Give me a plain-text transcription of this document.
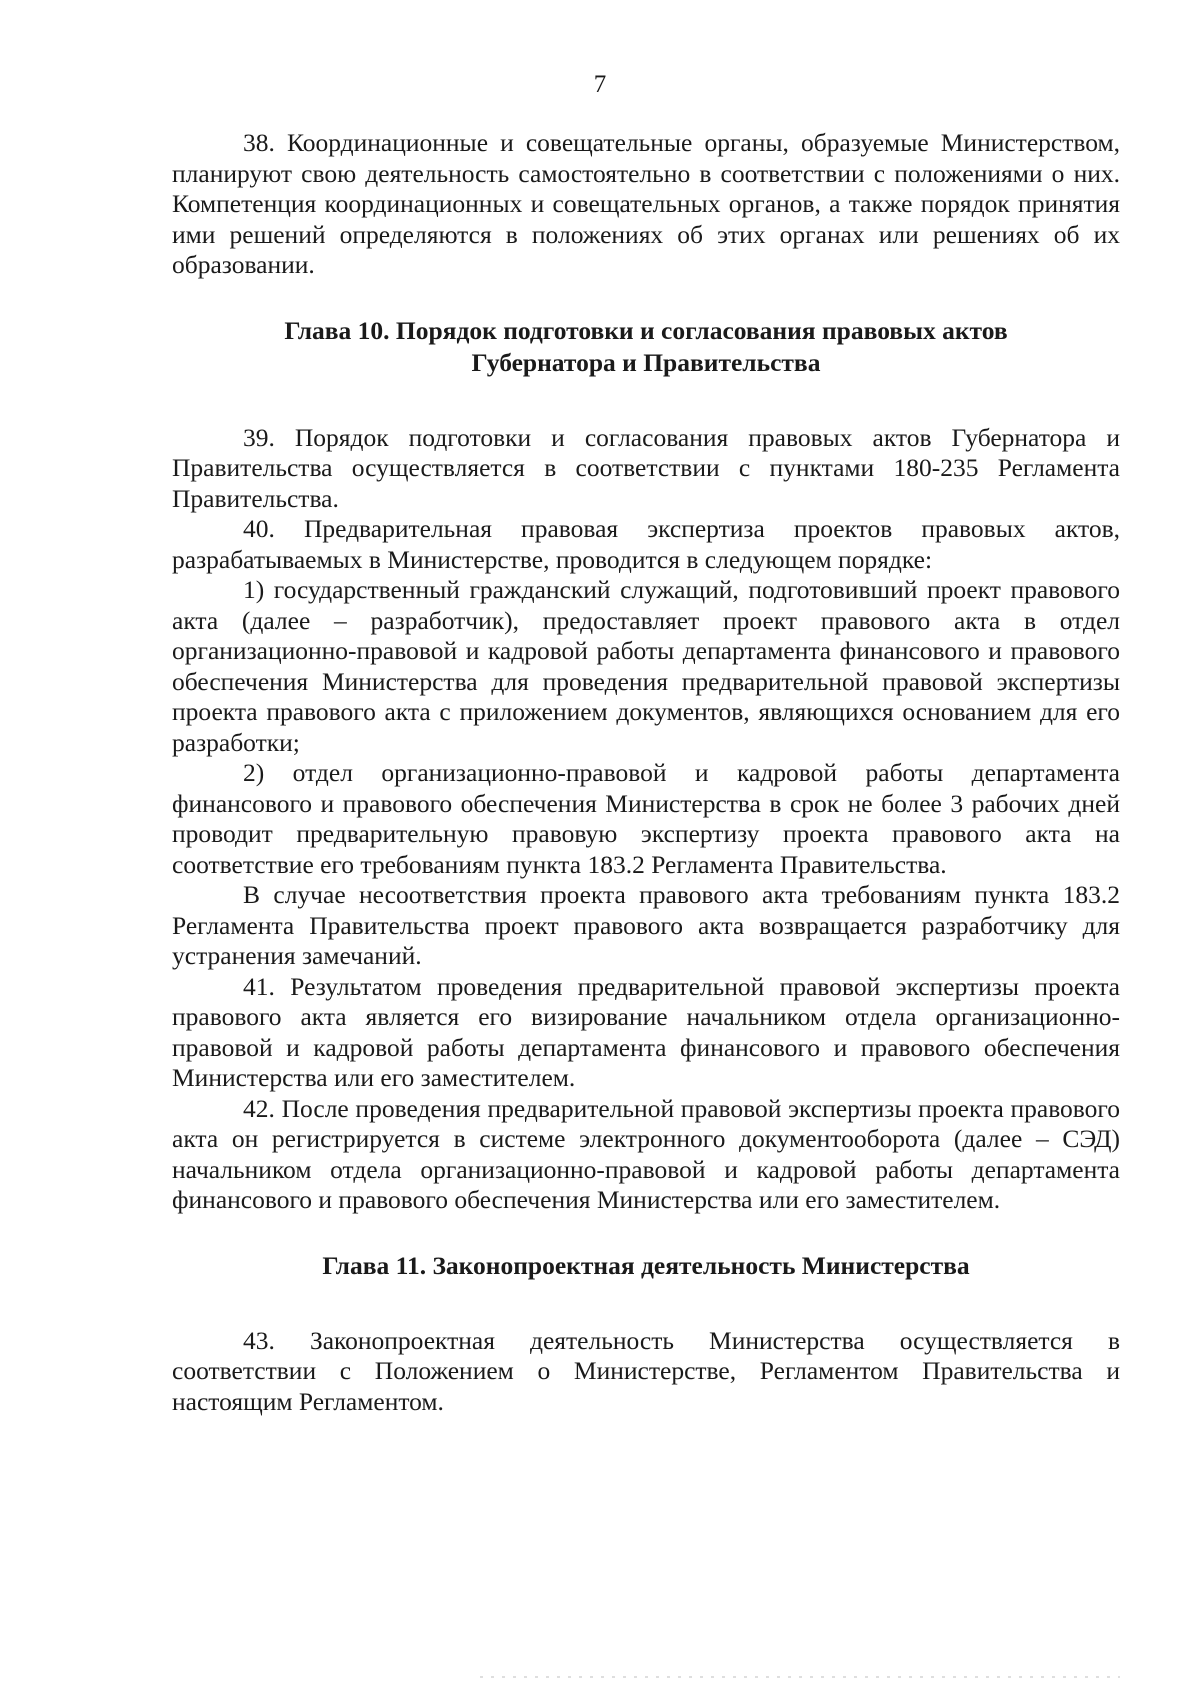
7

38. Координационные и совещательные органы, образуемые Министерством, планируют свою деятельность самостоятельно в соответствии с положениями о них. Компетенция координационных и совещательных органов, а также порядок принятия ими решений определяются в положениях об этих органах или решениях об их образовании.

Глава 10. Порядок подготовки и согласования правовых актов
Губернатора и Правительства

39. Порядок подготовки и согласования правовых актов Губернатора и Правительства осуществляется в соответствии с пунктами 180-235 Регламента Правительства.

40. Предварительная правовая экспертиза проектов правовых актов, разрабатываемых в Министерстве, проводится в следующем порядке:

1) государственный гражданский служащий, подготовивший проект правового акта (далее – разработчик), предоставляет проект правового акта в отдел организационно-правовой и кадровой работы департамента финансового и правового обеспечения Министерства для проведения предварительной правовой экспертизы проекта правового акта с приложением документов, являющихся основанием для его разработки;

2) отдел организационно-правовой и кадровой работы департамента финансового и правового обеспечения Министерства в срок не более 3 рабочих дней проводит предварительную правовую экспертизу проекта правового акта на соответствие его требованиям пункта 183.2 Регламента Правительства.

В случае несоответствия проекта правового акта требованиям пункта 183.2 Регламента Правительства проект правового акта возвращается разработчику для устранения замечаний.

41. Результатом проведения предварительной правовой экспертизы проекта правового акта является его визирование начальником отдела организационно-правовой и кадровой работы департамента финансового и правового обеспечения Министерства или его заместителем.

42. После проведения предварительной правовой экспертизы проекта правового акта он регистрируется в системе электронного документооборота (далее – СЭД) начальником отдела организационно-правовой и кадровой работы департамента финансового и правового обеспечения Министерства или его заместителем.

Глава 11. Законопроектная деятельность Министерства

43. Законопроектная деятельность Министерства осуществляется в соответствии с Положением о Министерстве, Регламентом Правительства и настоящим Регламентом.
